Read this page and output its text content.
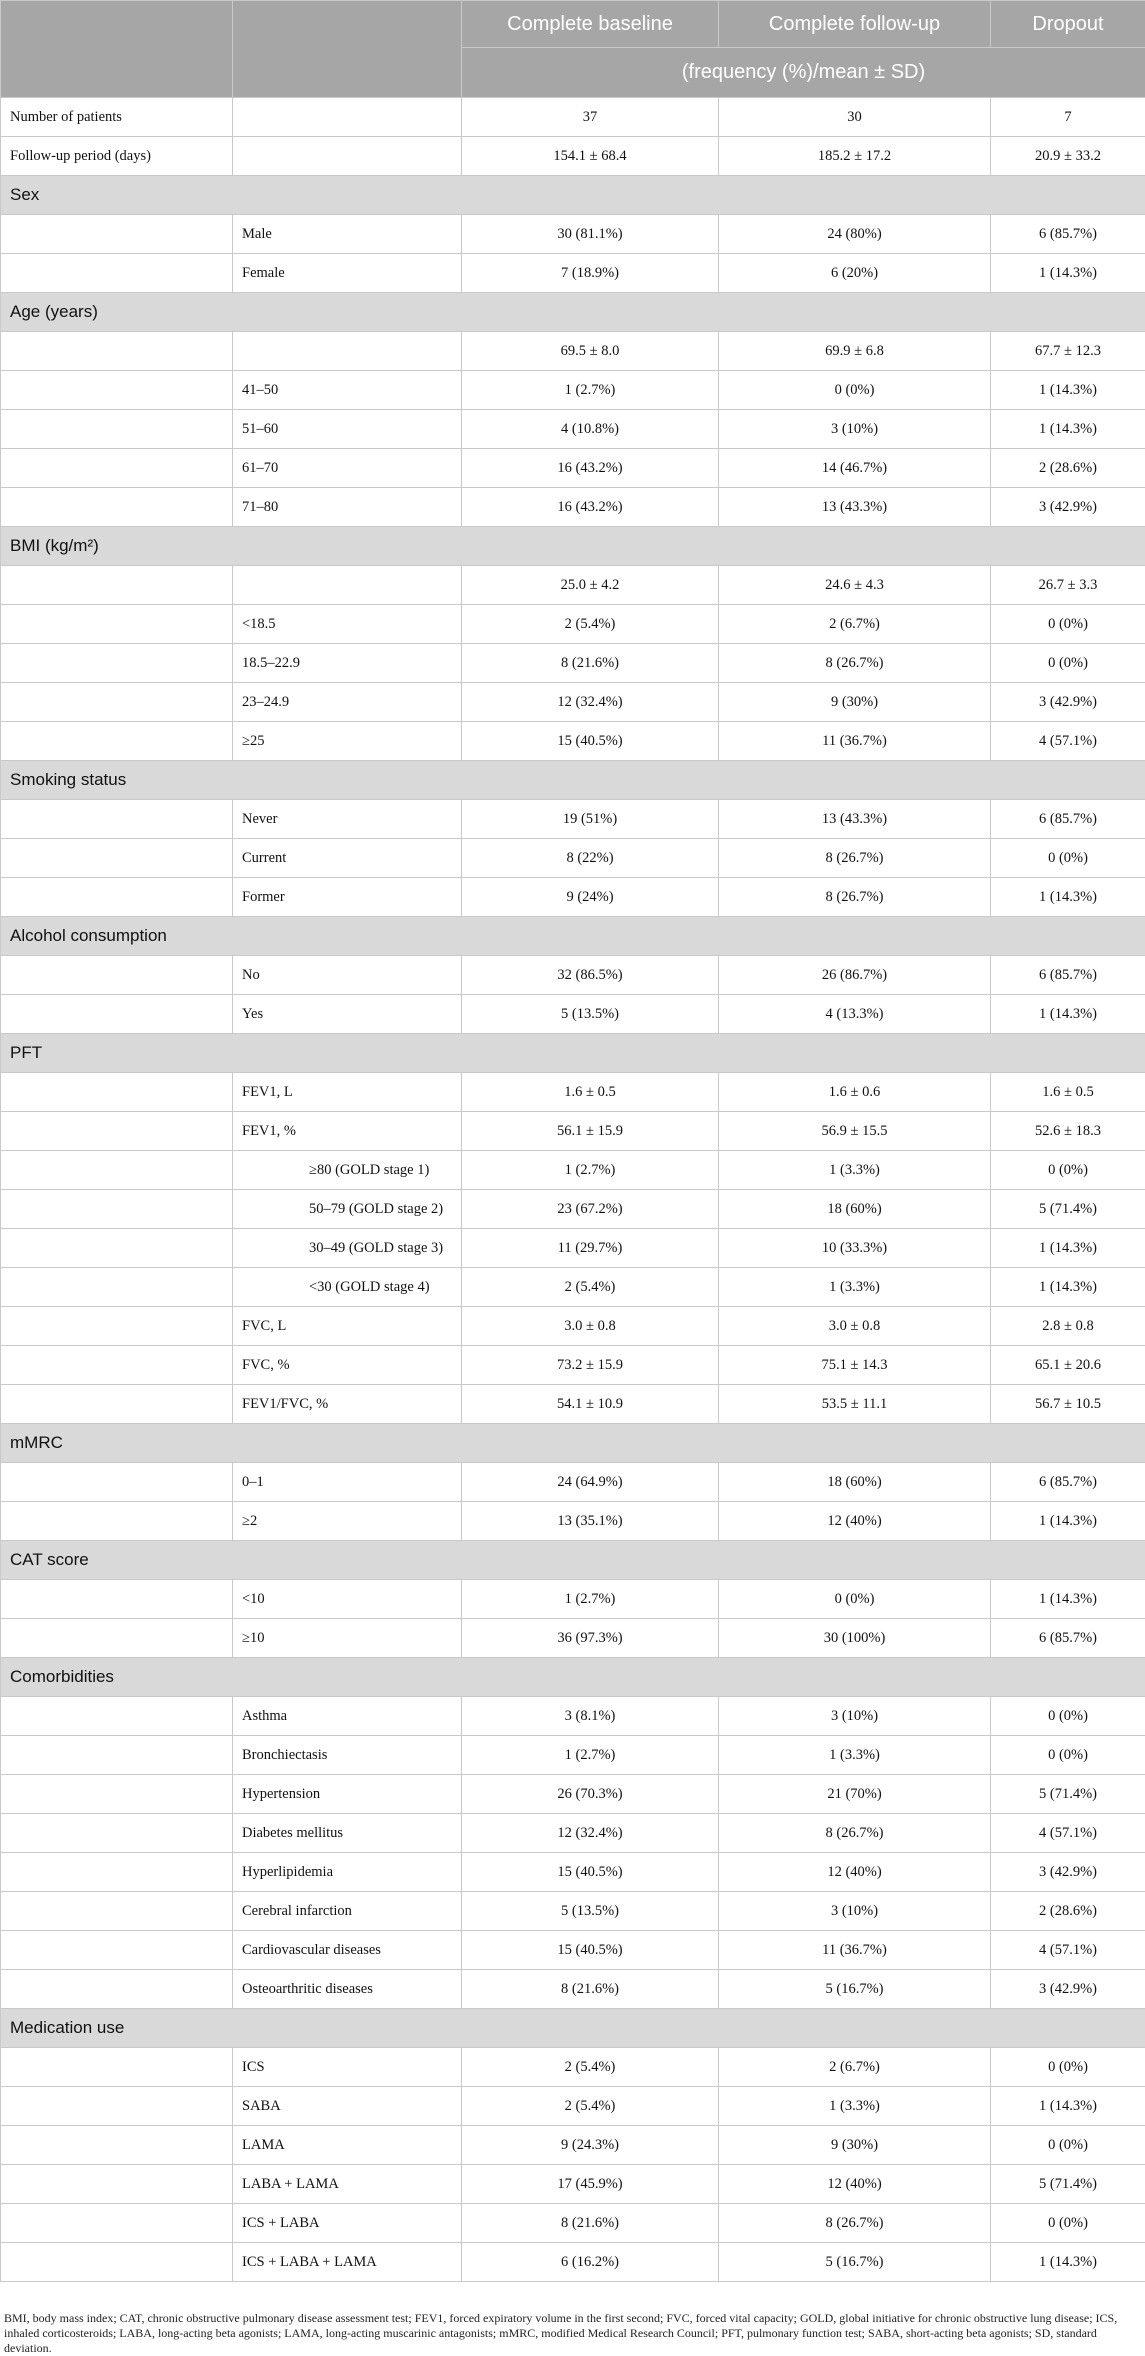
		Complete baseline	Complete follow-up	Dropout
		(frequency (%)/mean ± SD)		
Number of patients		37	30	7
Follow-up period (days)		154.1 ± 68.4	185.2 ± 17.2	20.9 ± 33.2
Sex				
	Male	30 (81.1%)	24 (80%)	6 (85.7%)
	Female	7 (18.9%)	6 (20%)	1 (14.3%)
Age (years)				
		69.5 ± 8.0	69.9 ± 6.8	67.7 ± 12.3
	41–50	1 (2.7%)	0 (0%)	1 (14.3%)
	51–60	4 (10.8%)	3 (10%)	1 (14.3%)
	61–70	16 (43.2%)	14 (46.7%)	2 (28.6%)
	71–80	16 (43.2%)	13 (43.3%)	3 (42.9%)
BMI (kg/m²)				
		25.0 ± 4.2	24.6 ± 4.3	26.7 ± 3.3
	<18.5	2 (5.4%)	2 (6.7%)	0 (0%)
	18.5–22.9	8 (21.6%)	8 (26.7%)	0 (0%)
	23–24.9	12 (32.4%)	9 (30%)	3 (42.9%)
	≥25	15 (40.5%)	11 (36.7%)	4 (57.1%)
Smoking status				
	Never	19 (51%)	13 (43.3%)	6 (85.7%)
	Current	8 (22%)	8 (26.7%)	0 (0%)
	Former	9 (24%)	8 (26.7%)	1 (14.3%)
Alcohol consumption				
	No	32 (86.5%)	26 (86.7%)	6 (85.7%)
	Yes	5 (13.5%)	4 (13.3%)	1 (14.3%)
PFT				
	FEV1, L	1.6 ± 0.5	1.6 ± 0.6	1.6 ± 0.5
	FEV1, %	56.1 ± 15.9	56.9 ± 15.5	52.6 ± 18.3
	≥80 (GOLD stage 1)	1 (2.7%)	1 (3.3%)	0 (0%)
	50–79 (GOLD stage 2)	23 (67.2%)	18 (60%)	5 (71.4%)
	30–49 (GOLD stage 3)	11 (29.7%)	10 (33.3%)	1 (14.3%)
	<30 (GOLD stage 4)	2 (5.4%)	1 (3.3%)	1 (14.3%)
	FVC, L	3.0 ± 0.8	3.0 ± 0.8	2.8 ± 0.8
	FVC, %	73.2 ± 15.9	75.1 ± 14.3	65.1 ± 20.6
	FEV1/FVC, %	54.1 ± 10.9	53.5 ± 11.1	56.7 ± 10.5
mMRC				
	0–1	24 (64.9%)	18 (60%)	6 (85.7%)
	≥2	13 (35.1%)	12 (40%)	1 (14.3%)
CAT score				
	<10	1 (2.7%)	0 (0%)	1 (14.3%)
	≥10	36 (97.3%)	30 (100%)	6 (85.7%)
Comorbidities				
	Asthma	3 (8.1%)	3 (10%)	0 (0%)
	Bronchiectasis	1 (2.7%)	1 (3.3%)	0 (0%)
	Hypertension	26 (70.3%)	21 (70%)	5 (71.4%)
	Diabetes mellitus	12 (32.4%)	8 (26.7%)	4 (57.1%)
	Hyperlipidemia	15 (40.5%)	12 (40%)	3 (42.9%)
	Cerebral infarction	5 (13.5%)	3 (10%)	2 (28.6%)
	Cardiovascular diseases	15 (40.5%)	11 (36.7%)	4 (57.1%)
	Osteoarthritic diseases	8 (21.6%)	5 (16.7%)	3 (42.9%)
Medication use				
	ICS	2 (5.4%)	2 (6.7%)	0 (0%)
	SABA	2 (5.4%)	1 (3.3%)	1 (14.3%)
	LAMA	9 (24.3%)	9 (30%)	0 (0%)
	LABA + LAMA	17 (45.9%)	12 (40%)	5 (71.4%)
	ICS + LABA	8 (21.6%)	8 (26.7%)	0 (0%)
	ICS + LABA + LAMA	6 (16.2%)	5 (16.7%)	1 (14.3%)
BMI, body mass index; CAT, chronic obstructive pulmonary disease assessment test; FEV1, forced expiratory volume in the first second; FVC, forced vital capacity; GOLD, global initiative for chronic obstructive lung disease; ICS, inhaled corticosteroids; LABA, long-acting beta agonists; LAMA, long-acting muscarinic antagonists; mMRC, modified Medical Research Council; PFT, pulmonary function test; SABA, short-acting beta agonists; SD, standard deviation.
